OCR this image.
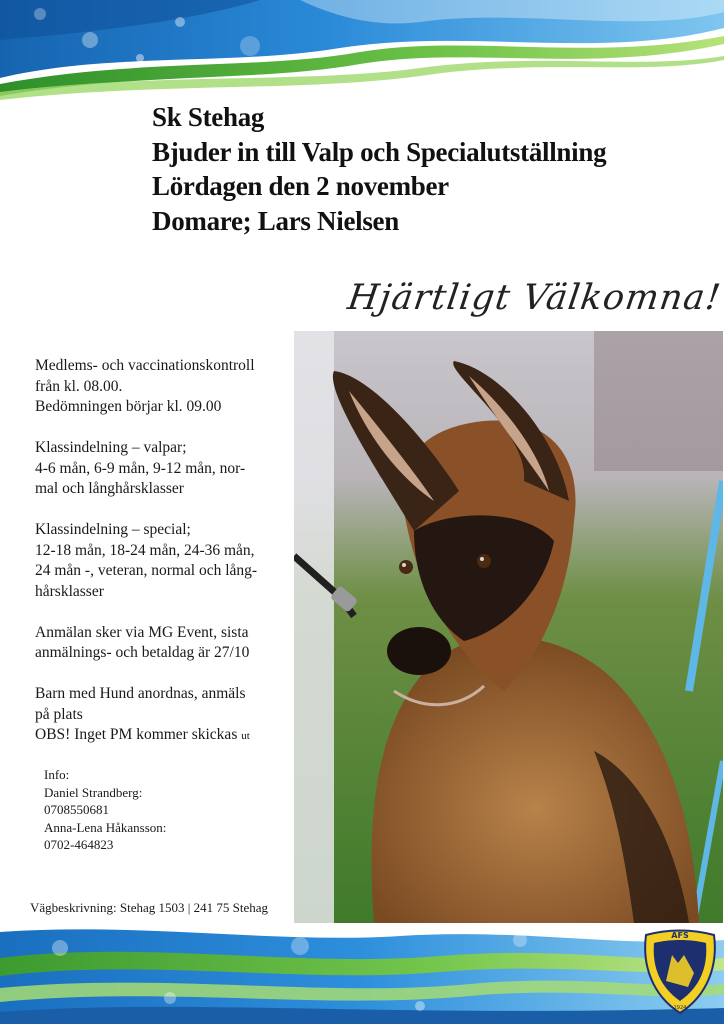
Sk Stehag
Bjuder in till Valp och Specialutställning
Lördagen den 2 november
Domare; Lars Nielsen
Hjärtligt Välkomna!

Medlems- och vaccinationskontroll
från kl. 08.00.
Bedömningen börjar kl. 09.00

Klassindelning – valpar;
4-6 mån, 6-9 mån, 9-12 mån, nor-
mal och långhårsklasser

Klassindelning – special;
12-18 mån, 18-24 mån, 24-36 mån,
24 mån -, veteran, normal och lång-
hårsklasser

Anmälan sker via MG Event, sista
anmälnings- och betaldag är 27/10

Barn med Hund anordnas, anmäls
på plats
OBS! Inget PM kommer skickas ut

Info:
Daniel Strandberg:
0708550681
Anna-Lena Håkansson:
0702-464823
Vägbeskrivning: Stehag 1503 | 241 75 Stehag
AFS
1924
